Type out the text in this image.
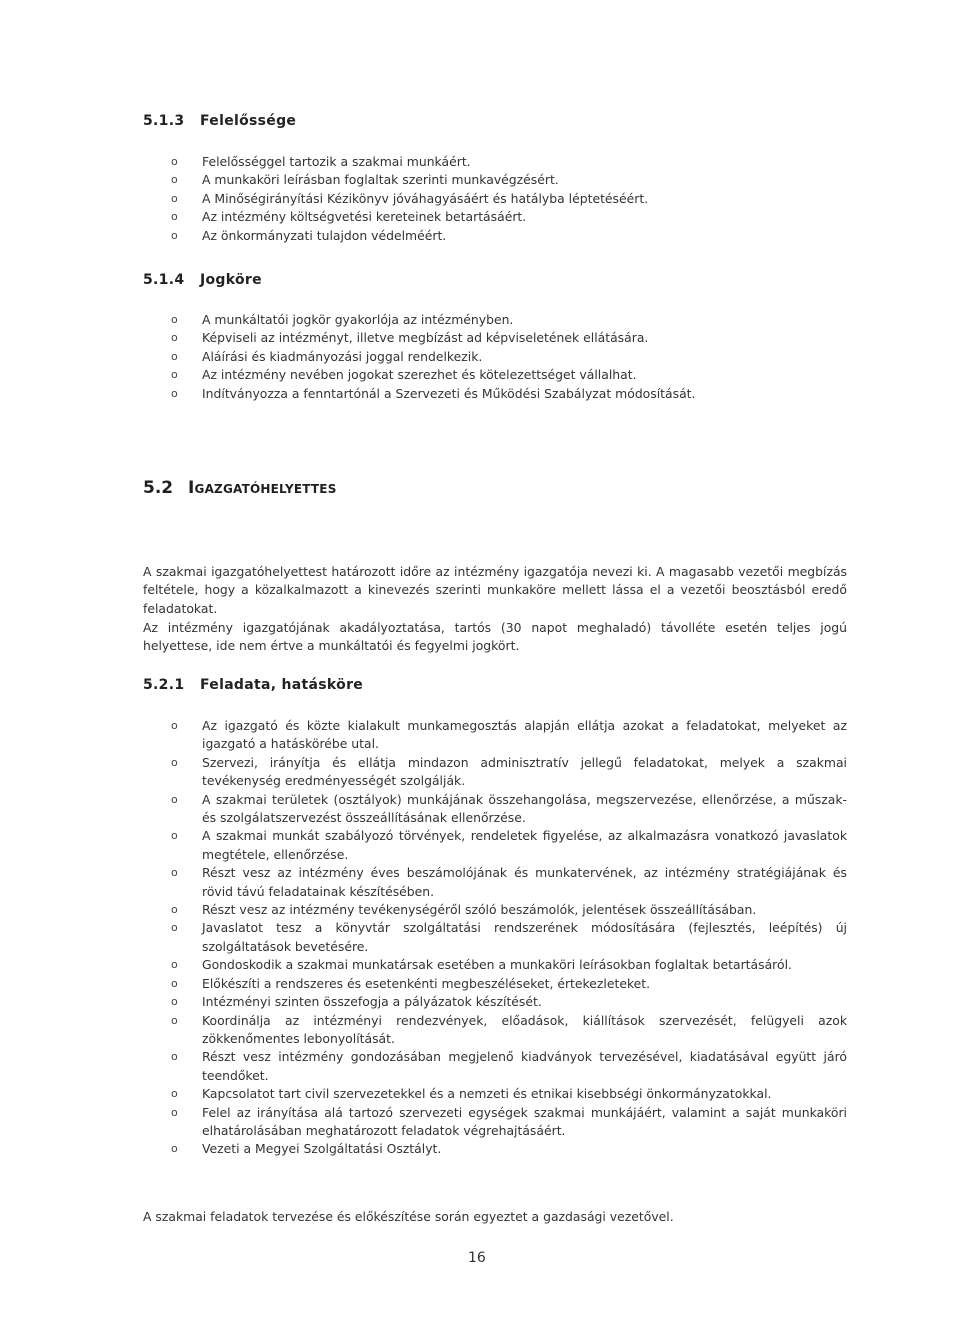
5.1.3 Felelőssége
o Felelősséggel tartozik a szakmai munkáért.
o A munkaköri leírásban foglaltak szerinti munkavégzésért.
o A Minőségirányítási Kézikönyv jóváhagyásáért és hatályba léptetéséért.
o Az intézmény költségvetési kereteinek betartásáért.
o Az önkormányzati tulajdon védelméért.
5.1.4 Jogköre
o A munkáltatói jogkör gyakorlója az intézményben.
o Képviseli az intézményt, illetve megbízást ad képviseletének ellátására.
o Aláírási és kiadmányozási joggal rendelkezik.
o Az intézmény nevében jogokat szerezhet és kötelezettséget vállalhat.
o Indítványozza a fenntartónál a Szervezeti és Működési Szabályzat módosítását.
5.2 Igazgatóhelyettes

A szakmai igazgatóhelyettest határozott időre az intézmény igazgatója nevezi ki. A magasabb vezetői megbízás feltétele, hogy a közalkalmazott a kinevezés szerinti munkaköre mellett lássa el a vezetői beosztásból eredő feladatokat.

Az intézmény igazgatójának akadályoztatása, tartós (30 napot meghaladó) távolléte esetén teljes jogú helyettese, ide nem értve a munkáltatói és fegyelmi jogkört.

5.2.1 Feladata, hatásköre
o Az igazgató és közte kialakult munkamegosztás alapján ellátja azokat a feladatokat, melyeket az igazgató a hatáskörébe utal.
o Szervezi, irányítja és ellátja mindazon adminisztratív jellegű feladatokat, melyek a szakmai tevékenység eredményességét szolgálják.
o A szakmai területek (osztályok) munkájának összehangolása, megszervezése, ellenőrzése, a műszak- és szolgálatszervezést összeállításának ellenőrzése.
o A szakmai munkát szabályozó törvények, rendeletek figyelése, az alkalmazásra vonatkozó javaslatok megtétele, ellenőrzése.
o Részt vesz az intézmény éves beszámolójának és munkatervének, az intézmény stratégiájának és rövid távú feladatainak készítésében.
o Részt vesz az intézmény tevékenységéről szóló beszámolók, jelentések összeállításában.
o Javaslatot tesz a könyvtár szolgáltatási rendszerének módosítására (fejlesztés, leépítés) új szolgáltatások bevetésére.
o Gondoskodik a szakmai munkatársak esetében a munkaköri leírásokban foglaltak betartásáról.
o Előkészíti a rendszeres és esetenkénti megbeszéléseket, értekezleteket.
o Intézményi szinten összefogja a pályázatok készítését.
o Koordinálja az intézményi rendezvények, előadások, kiállítások szervezését, felügyeli azok zökkenőmentes lebonyolítását.
o Részt vesz intézmény gondozásában megjelenő kiadványok tervezésével, kiadatásával együtt járó teendőket.
o Kapcsolatot tart civil szervezetekkel és a nemzeti és etnikai kisebbségi önkormányzatokkal.
o Felel az irányítása alá tartozó szervezeti egységek szakmai munkájáért, valamint a saját munkaköri elhatárolásában meghatározott feladatok végrehajtásáért.
o Vezeti a Megyei Szolgáltatási Osztályt.

A szakmai feladatok tervezése és előkészítése során egyeztet a gazdasági vezetővel.

16
